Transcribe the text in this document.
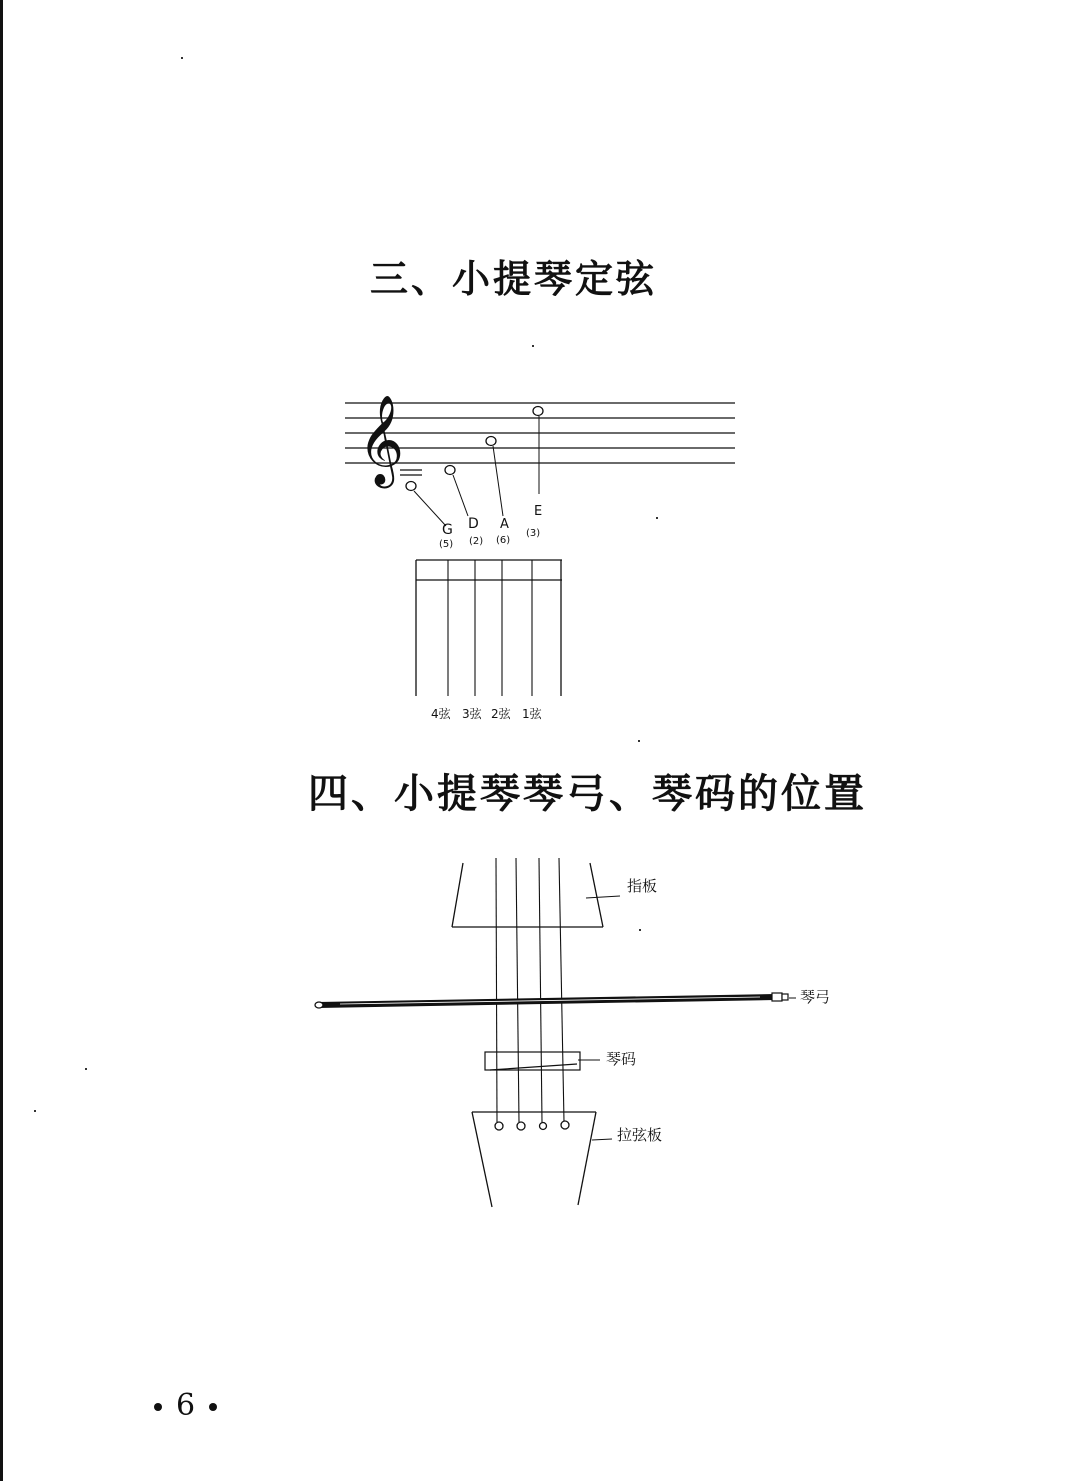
三、小提琴定弦
𝄞
G D A
E
(5) (2) (6)
(3)
4弦 3弦 2弦 1弦
四、小提琴琴弓、琴码的位置
指板
琴弓
琴码
拉弦板
6
